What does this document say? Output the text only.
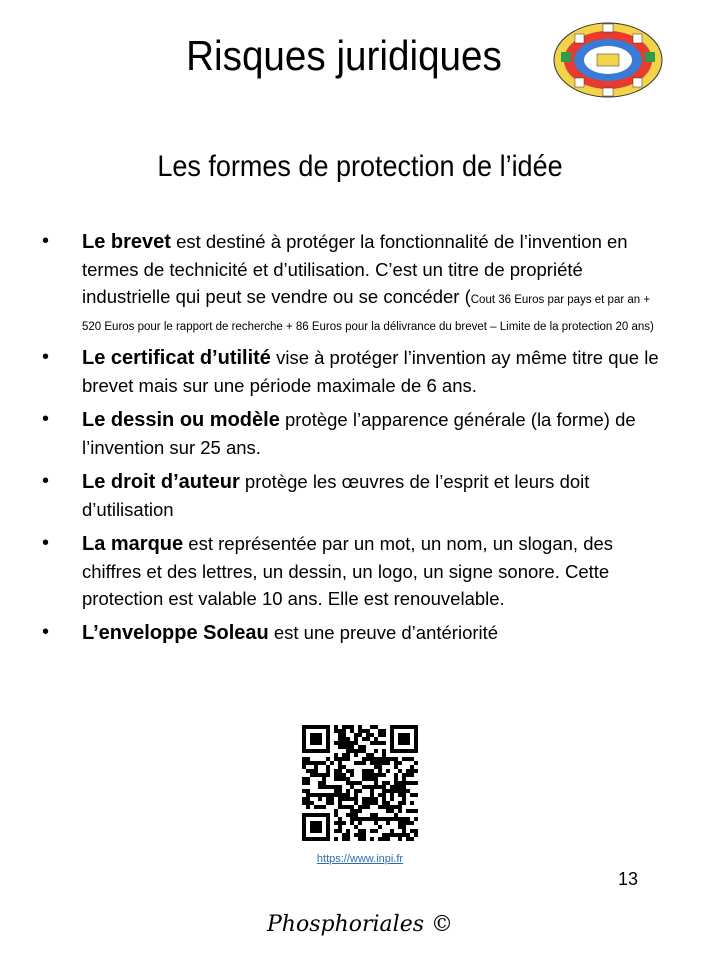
Risques juridiques
Les formes de protection de l’idée
• Le brevet est destiné à protéger la fonctionnalité de l’invention en termes de technicité et d’utilisation. C’est un titre de propriété industrielle qui peut se vendre ou se concéder (Cout 36 Euros par pays et par an + 520 Euros pour le rapport de recherche + 86 Euros pour la délivrance du brevet – Limite de la protection 20 ans)
• Le certificat d’utilité vise à protéger l’invention ay même titre que le brevet mais sur une période maximale de 6 ans.
• Le dessin ou modèle protège l’apparence générale (la forme) de l’invention sur 25 ans.
• Le droit d’auteur protège les œuvres de l’esprit et leurs doit d’utilisation
• La marque est représentée par un mot, un nom, un slogan, des chiffres et des lettres, un dessin, un logo, un signe sonore. Cette protection est valable 10 ans. Elle est renouvelable.
• L’enveloppe Soleau est une preuve d’antériorité
https://www.inpi.fr
13
Phosphoriales ©
